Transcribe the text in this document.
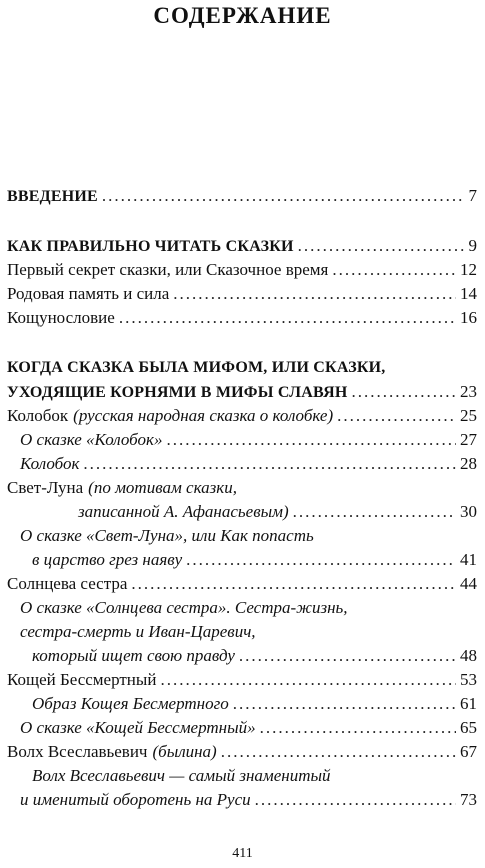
СОДЕРЖАНИЕ
ВВЕДЕНИЕ .....	7
КАК ПРАВИЛЬНО ЧИТАТЬ СКАЗКИ .....	9
Первый секрет сказки, или Сказочное время .....	12
Родовая память и сила .....	14
Кощунословие .....	16
КОГДА СКАЗКА БЫЛА МИФОМ, ИЛИ СКАЗКИ,
УХОДЯЩИЕ КОРНЯМИ В МИФЫ СЛАВЯН .....	23
Колобок (русская народная сказка о колобке) .....	25
О сказке «Колобок» .....	27
Колобок .....	28
Свет-Луна (по мотивам сказки,
записанной А. Афанасьевым) .....	30
О сказке «Свет-Луна», или Как попасть
в царство грез наяву .....	41
Солнцева сестра .....	44
О сказке «Солнцева сестра». Сестра-жизнь,
сестра-смерть и Иван-Царевич,
который ищет свою правду .....	48
Кощей Бессмертный .....	53
Образ Кощея Бесмертного .....	61
О сказке «Кощей Бессмертный» .....	65
Волх Всеславьевич (былина) .....	67
Волх Всеславьевич — самый знаменитый
и именитый оборотень на Руси .....	73
411
